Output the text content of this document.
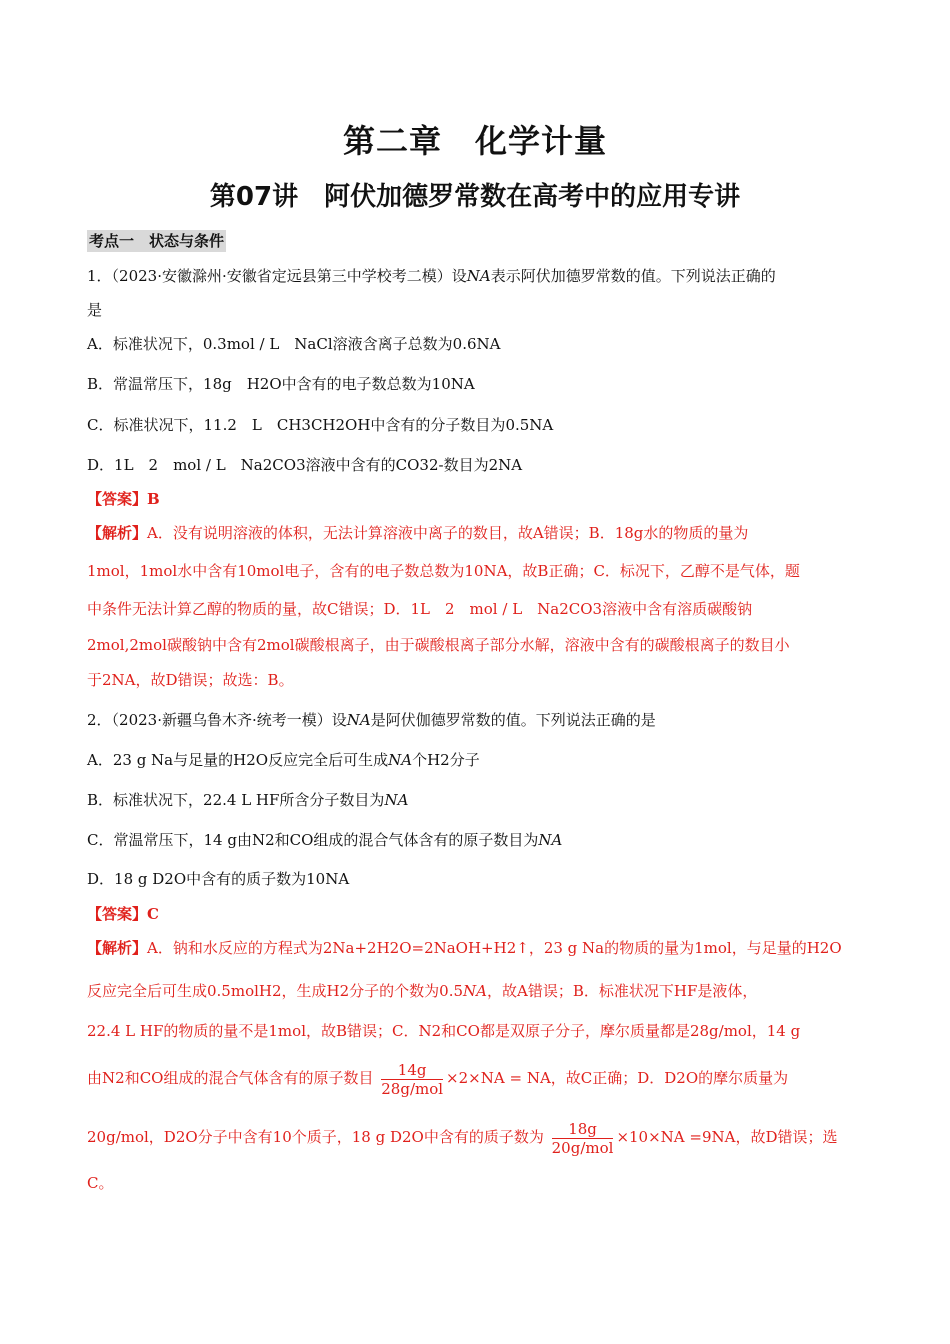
第二章　化学计量
第07讲　阿伏加德罗常数在高考中的应用专讲
考点一　状态与条件
1．（2023·安徽滁州·安徽省定远县第三中学校考二模）设NA表示阿伏加德罗常数的值。下列说法正确的
是
A．标准状况下，0.3mol / L　NaCl溶液含离子总数为0.6NA
B．常温常压下，18g　H2O中含有的电子数总数为10NA
C．标准状况下，11.2　L　CH3CH2OH中含有的分子数目为0.5NA
D．1L　2　mol / L　Na2CO3溶液中含有的CO32-数目为2NA
【答案】B
【解析】A．没有说明溶液的体积，无法计算溶液中离子的数目，故A错误；B．18g水的物质的量为
1mol，1mol水中含有10mol电子，含有的电子数总数为10NA，故B正确；C．标况下，乙醇不是气体，题
中条件无法计算乙醇的物质的量，故C错误；D．1L　2　mol / L　Na2CO3溶液中含有溶质碳酸钠
2mol,2mol碳酸钠中含有2mol碳酸根离子，由于碳酸根离子部分水解，溶液中含有的碳酸根离子的数目小
于2NA，故D错误；故选：B。
2．（2023·新疆乌鲁木齐·统考一模）设NA是阿伏伽德罗常数的值。下列说法正确的是
A．23 g Na与足量的H2O反应完全后可生成NA个H2分子
B．标准状况下，22.4 L HF所含分子数目为NA
C．常温常压下，14 g由N2和CO组成的混合气体含有的原子数目为NA
D．18 g D2O中含有的质子数为10NA
【答案】C
【解析】A．钠和水反应的方程式为2Na+2H2O=2NaOH+H2↑，23 g Na的物质的量为1mol，与足量的H2O
反应完全后可生成0.5molH2，生成H2分子的个数为0.5NA，故A错误；B．标准状况下HF是液体，
22.4 L HF的物质的量不是1mol，故B错误；C．N2和CO都是双原子分子，摩尔质量都是28g/mol，14 g
由N2和CO组成的混合气体含有的原子数目 $\frac{14g}{\text{28g/mol}} \times 2\times NA$ = NA，故C正确；D．D2O的摩尔质量为
20g/mol，D2O分子中含有10个质子，18 g D2O中含有的质子数为 $\frac{18g}{\text{20g/mol}} \times 10\times NA =9NA$，故D错误；选
C。
